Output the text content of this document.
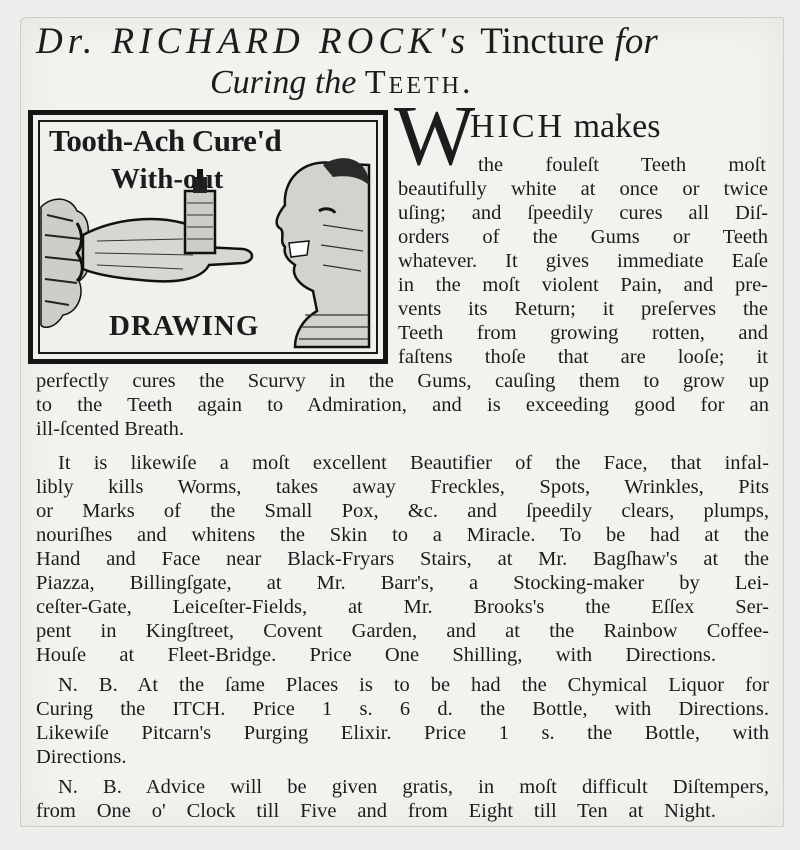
Dr. RICHARD ROCK's Tincture for
Curing the Teeth.
Tooth-Ach Cure'd
With-out
DRAWING
W
HICH makes
the fouleſt Teeth moſt
beautifully white at once or twice
uſing; and ſpeedily cures all Diſ-
orders of the Gums or Teeth
whatever. It gives immediate Eaſe
in the moſt violent Pain, and pre-
vents its Return; it preſerves the
Teeth from growing rotten, and
faſtens thoſe that are looſe; it
perfectly cures the Scurvy in the Gums, cauſing them to grow up
to the Teeth again to Admiration, and is exceeding good for an
ill-ſcented Breath.
It is likewiſe a moſt excellent Beautifier of the Face, that infal-
libly kills Worms, takes away Freckles, Spots, Wrinkles, Pits
or Marks of the Small Pox, &c. and ſpeedily clears, plumps,
nouriſhes and whitens the Skin to a Miracle. To be had at the
Hand and Face near Black-Fryars Stairs, at Mr. Bagſhaw's at the
Piazza, Billingſgate, at Mr. Barr's, a Stocking-maker by Lei-
ceſter-Gate, Leiceſter-Fields, at Mr. Brooks's the Eſſex Ser-
pent in Kingſtreet, Covent Garden, and at the Rainbow Coffee-
Houſe at Fleet-Bridge. Price One Shilling, with Directions.
N. B. At the ſame Places is to be had the Chymical Liquor for
Curing the ITCH. Price 1 s. 6 d. the Bottle, with Directions.
Likewiſe Pitcarn's Purging Elixir. Price 1 s. the Bottle, with
Directions.
N. B. Advice will be given gratis, in moſt difficult Diſtempers,
from One o' Clock till Five and from Eight till Ten at Night.
